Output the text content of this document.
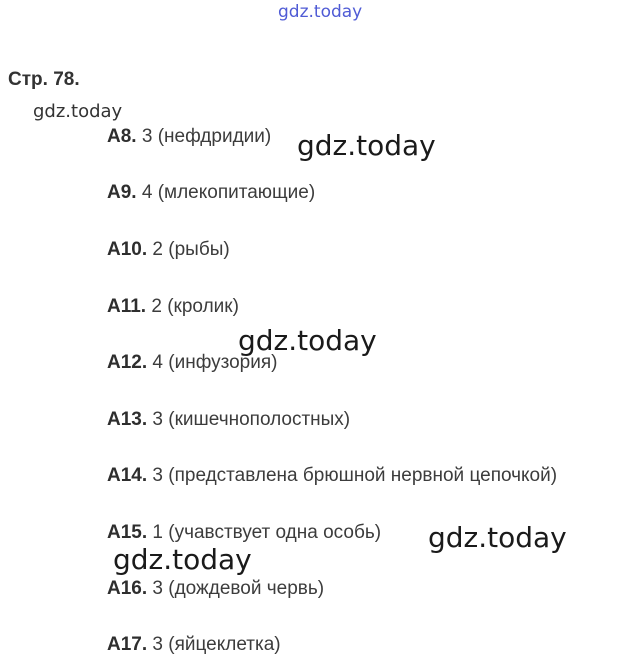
gdz.today
Стр. 78.
gdz.today
A8. 3 (нефдридии)
A9. 4 (млекопитающие)
A10. 2 (рыбы)
A11. 2 (кролик)
A12. 4 (инфузория)
A13. 3 (кишечнополостных)
A14. 3 (представлена брюшной нервной цепочкой)
A15. 1 (учавствует одна особь)
A16. 3 (дождевой червь)
A17. 3 (яйцеклетка)
gdz.today
gdz.today
gdz.today
gdz.today
